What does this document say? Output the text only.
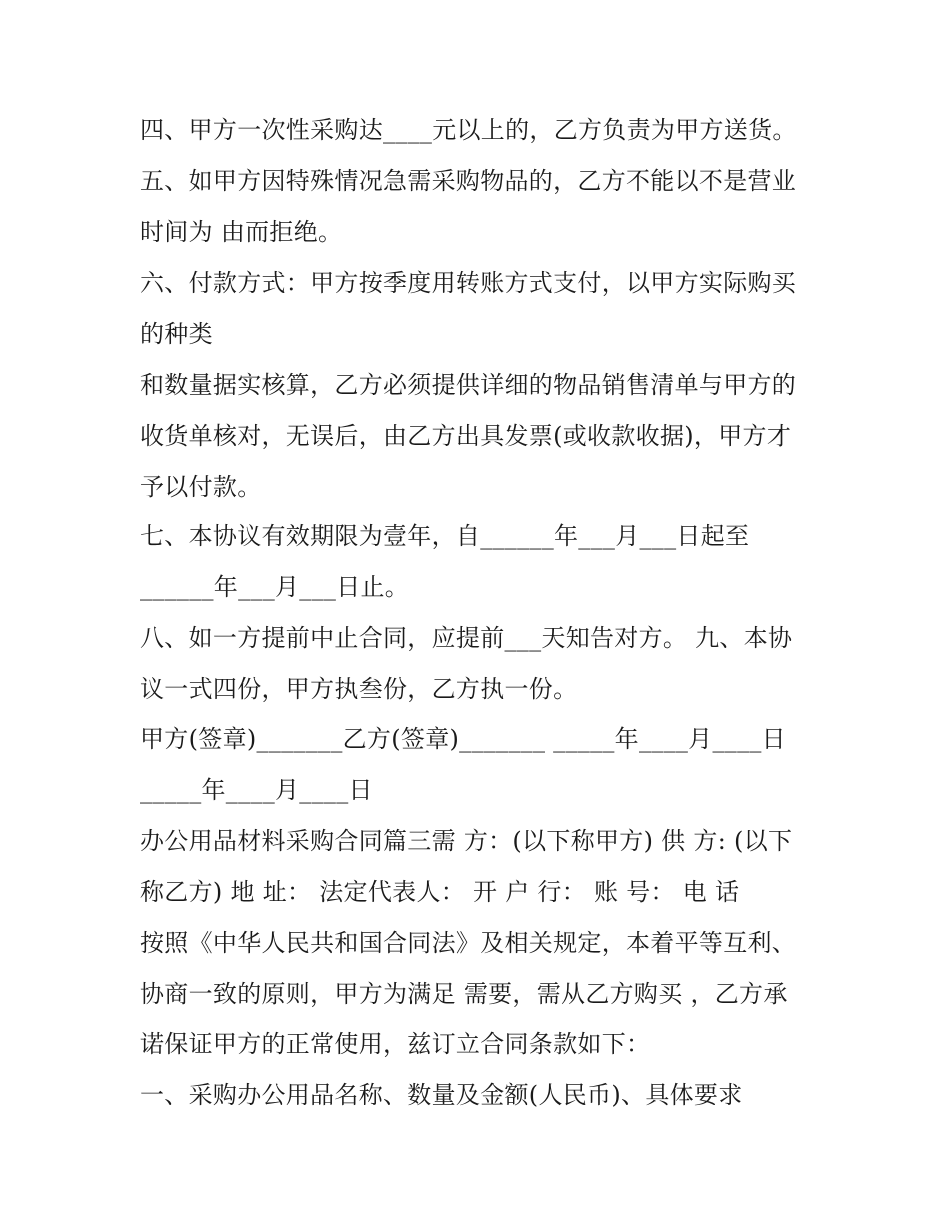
四、甲方一次性采购达____元以上的，乙方负责为甲方送货。
五、如甲方因特殊情况急需采购物品的，乙方不能以不是营业
时间为 由而拒绝。
六、付款方式：甲方按季度用转账方式支付，以甲方实际购买
的种类
和数量据实核算，乙方必须提供详细的物品销售清单与甲方的
收货单核对，无误后，由乙方出具发票(或收款收据)，甲方才
予以付款。
七、本协议有效期限为壹年，自______年___月___日起至
______年___月___日止。
八、如一方提前中止合同，应提前___天知告对方。 九、本协
议一式四份，甲方执叁份，乙方执一份。
甲方(签章)_______乙方(签章)_______ _____年____月____日
_____年____月____日
办公用品材料采购合同篇三需 方：(以下称甲方) 供 方: (以下
称乙方) 地 址： 法定代表人： 开 户 行： 账 号： 电 话
按照《中华人民共和国合同法》及相关规定，本着平等互利、
协商一致的原则，甲方为满足 需要，需从乙方购买 ，乙方承
诺保证甲方的正常使用，兹订立合同条款如下：
一、采购办公用品名称、数量及金额(人民币)、具体要求
